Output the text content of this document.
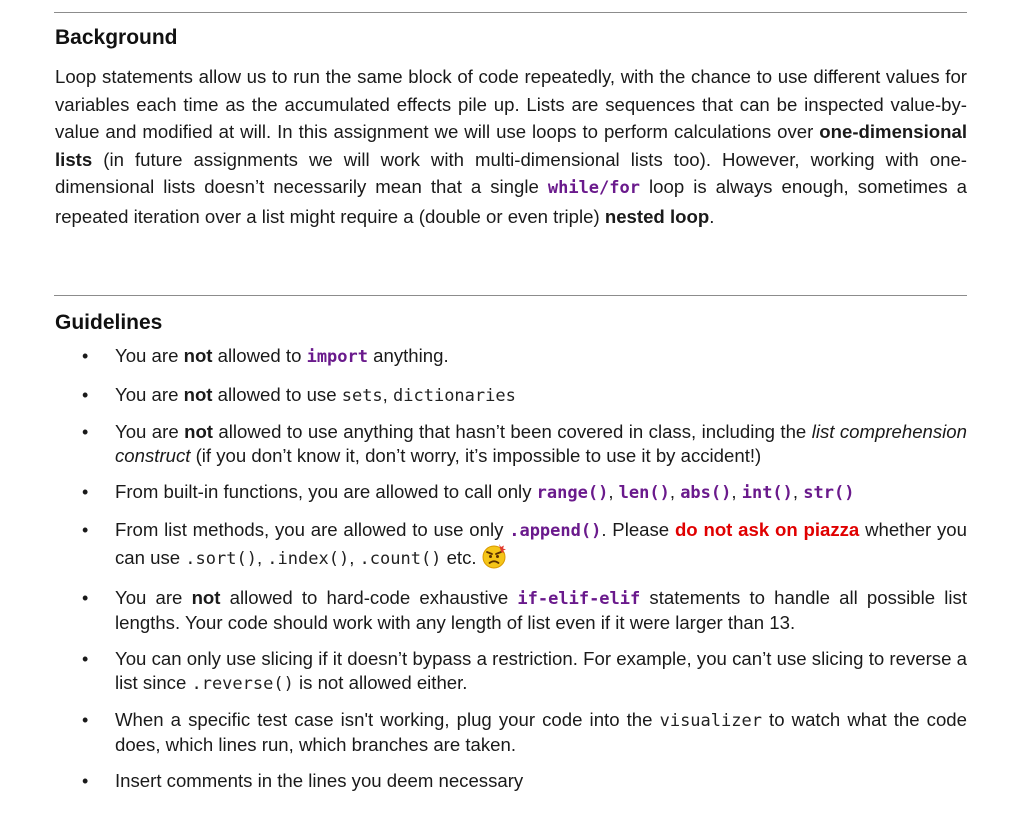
Background

Loop statements allow us to run the same block of code repeatedly, with the chance to use different values for variables each time as the accumulated effects pile up. Lists are sequences that can be inspected value-by-value and modified at will. In this assignment we will use loops to perform calculations over one-dimensional lists (in future assignments we will work with multi-dimensional lists too). However, working with one-dimensional lists doesn’t necessarily mean that a single while/for loop is always enough, sometimes a repeated iteration over a list might require a (double or even triple) nested loop.

Guidelines
• You are not allowed to import anything.
• You are not allowed to use sets, dictionaries
• You are not allowed to use anything that hasn’t been covered in class, including the list comprehension construct (if you don’t know it, don’t worry, it’s impossible to use it by accident!)
• From built-in functions, you are allowed to call only range(), len(), abs(), int(), str()
• From list methods, you are allowed to use only .append(). Please do not ask on piazza whether you can use .sort(), .index(), .count() etc.
• You are not allowed to hard-code exhaustive if-elif-elif statements to handle all possible list lengths. Your code should work with any length of list even if it were larger than 13.
• You can only use slicing if it doesn’t bypass a restriction. For example, you can’t use slicing to reverse a list since .reverse() is not allowed either.
• When a specific test case isn't working, plug your code into the visualizer to watch what the code does, which lines run, which branches are taken.
• Insert comments in the lines you deem necessary
